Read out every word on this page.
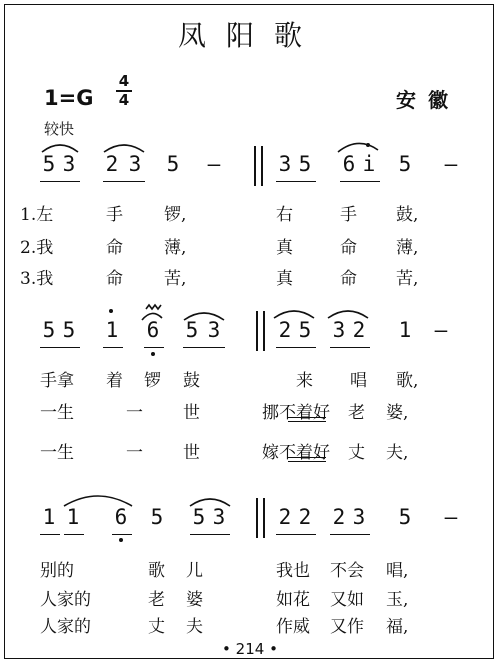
凤阳歌
1=G
4
4	安徽
较快
5 3 2 3 5 —	3 5 6 i 5 —
1.左	手 锣,	右	手 鼓,
2.我	命 薄,	真	命 薄,
3.我	命 苦,	真	命 苦,
5 5 1 6 5 3	2 5 3 2 1 —
手拿 着 锣 鼓	来 唱 歌,
一生	一 世	挪不着好 老 婆,
一生	一 世	嫁不着好 丈 夫,
1 1 6 5 5 3	2 2 2 3 5 —
别的	歌 儿	我也 不会 唱,
人家的	老 婆	如花 又如 玉,
人家的	丈 夫	作威 又作 福,
• 214 •
